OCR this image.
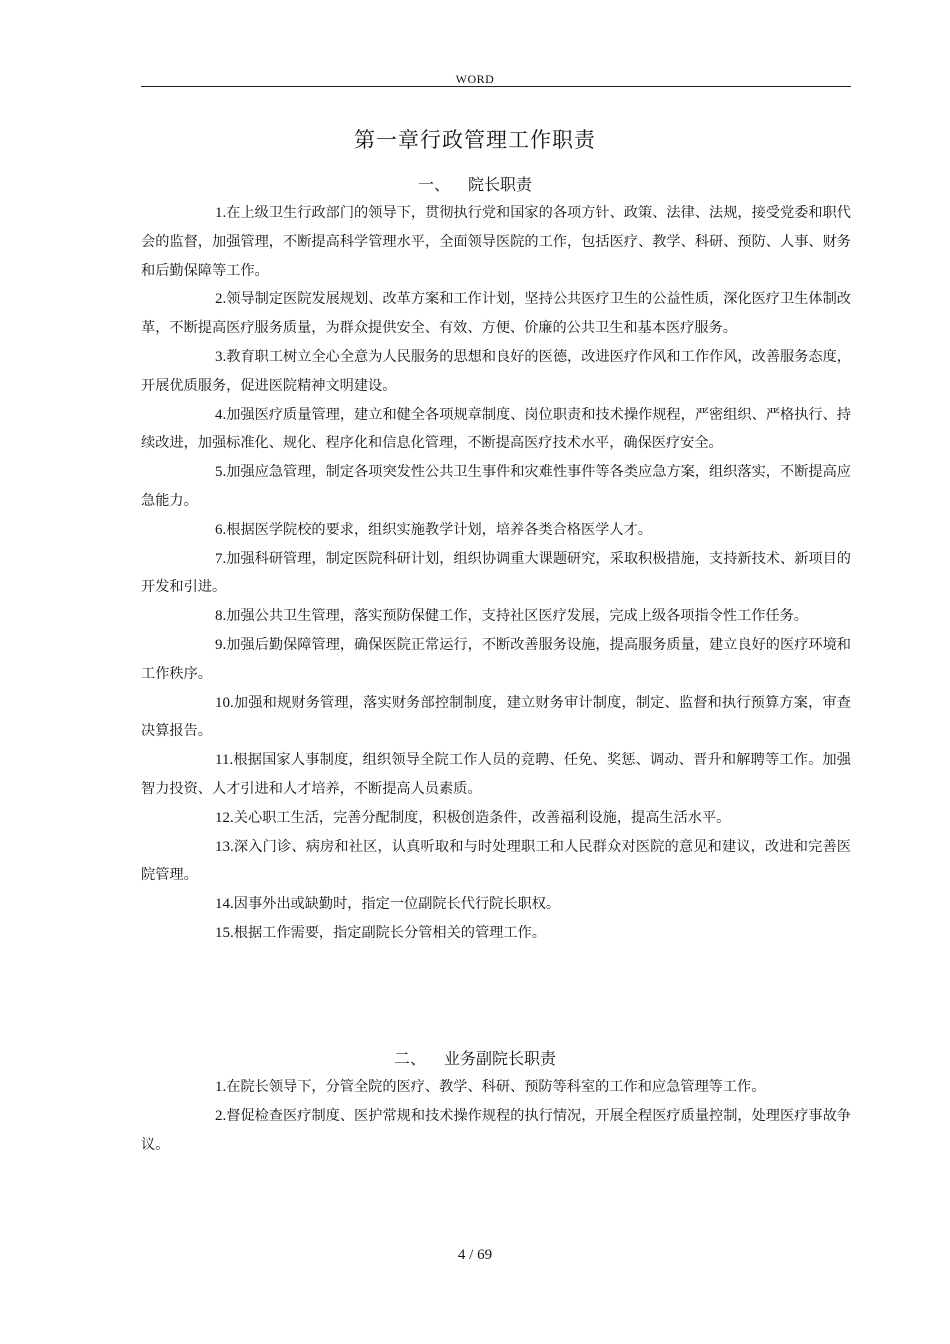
WORD
第一章行政管理工作职责
一、 院长职责

1.在上级卫生行政部门的领导下，贯彻执行党和国家的各项方针、政策、法律、法规，接受党委和职代会的监督，加强管理，不断提高科学管理水平，全面领导医院的工作，包括医疗、教学、科研、预防、人事、财务和后勤保障等工作。

2.领导制定医院发展规划、改革方案和工作计划，坚持公共医疗卫生的公益性质，深化医疗卫生体制改革，不断提高医疗服务质量，为群众提供安全、有效、方便、价廉的公共卫生和基本医疗服务。

3.教育职工树立全心全意为人民服务的思想和良好的医德，改进医疗作风和工作作风，改善服务态度，开展优质服务，促进医院精神文明建设。

4.加强医疗质量管理，建立和健全各项规章制度、岗位职责和技术操作规程，严密组织、严格执行、持续改进，加强标准化、规化、程序化和信息化管理，不断提高医疗技术水平，确保医疗安全。

5.加强应急管理，制定各项突发性公共卫生事件和灾难性事件等各类应急方案，组织落实，不断提高应急能力。

6.根据医学院校的要求，组织实施教学计划，培养各类合格医学人才。

7.加强科研管理，制定医院科研计划，组织协调重大课题研究，采取积极措施，支持新技术、新项目的开发和引进。

8.加强公共卫生管理，落实预防保健工作，支持社区医疗发展，完成上级各项指令性工作任务。

9.加强后勤保障管理，确保医院正常运行，不断改善服务设施，提高服务质量，建立良好的医疗环境和工作秩序。

10.加强和规财务管理，落实财务部控制制度，建立财务审计制度，制定、监督和执行预算方案，审查决算报告。

11.根据国家人事制度，组织领导全院工作人员的竞聘、任免、奖惩、调动、晋升和解聘等工作。加强智力投资、人才引进和人才培养，不断提高人员素质。

12.关心职工生活，完善分配制度，积极创造条件，改善福利设施，提高生活水平。

13.深入门诊、病房和社区，认真听取和与时处理职工和人民群众对医院的意见和建议，改进和完善医院管理。

14.因事外出或缺勤时，指定一位副院长代行院长职权。

15.根据工作需要，指定副院长分管相关的管理工作。

二、 业务副院长职责

1.在院长领导下，分管全院的医疗、教学、科研、预防等科室的工作和应急管理等工作。

2.督促检查医疗制度、医护常规和技术操作规程的执行情况，开展全程医疗质量控制，处理医疗事故争议。

4 / 69
